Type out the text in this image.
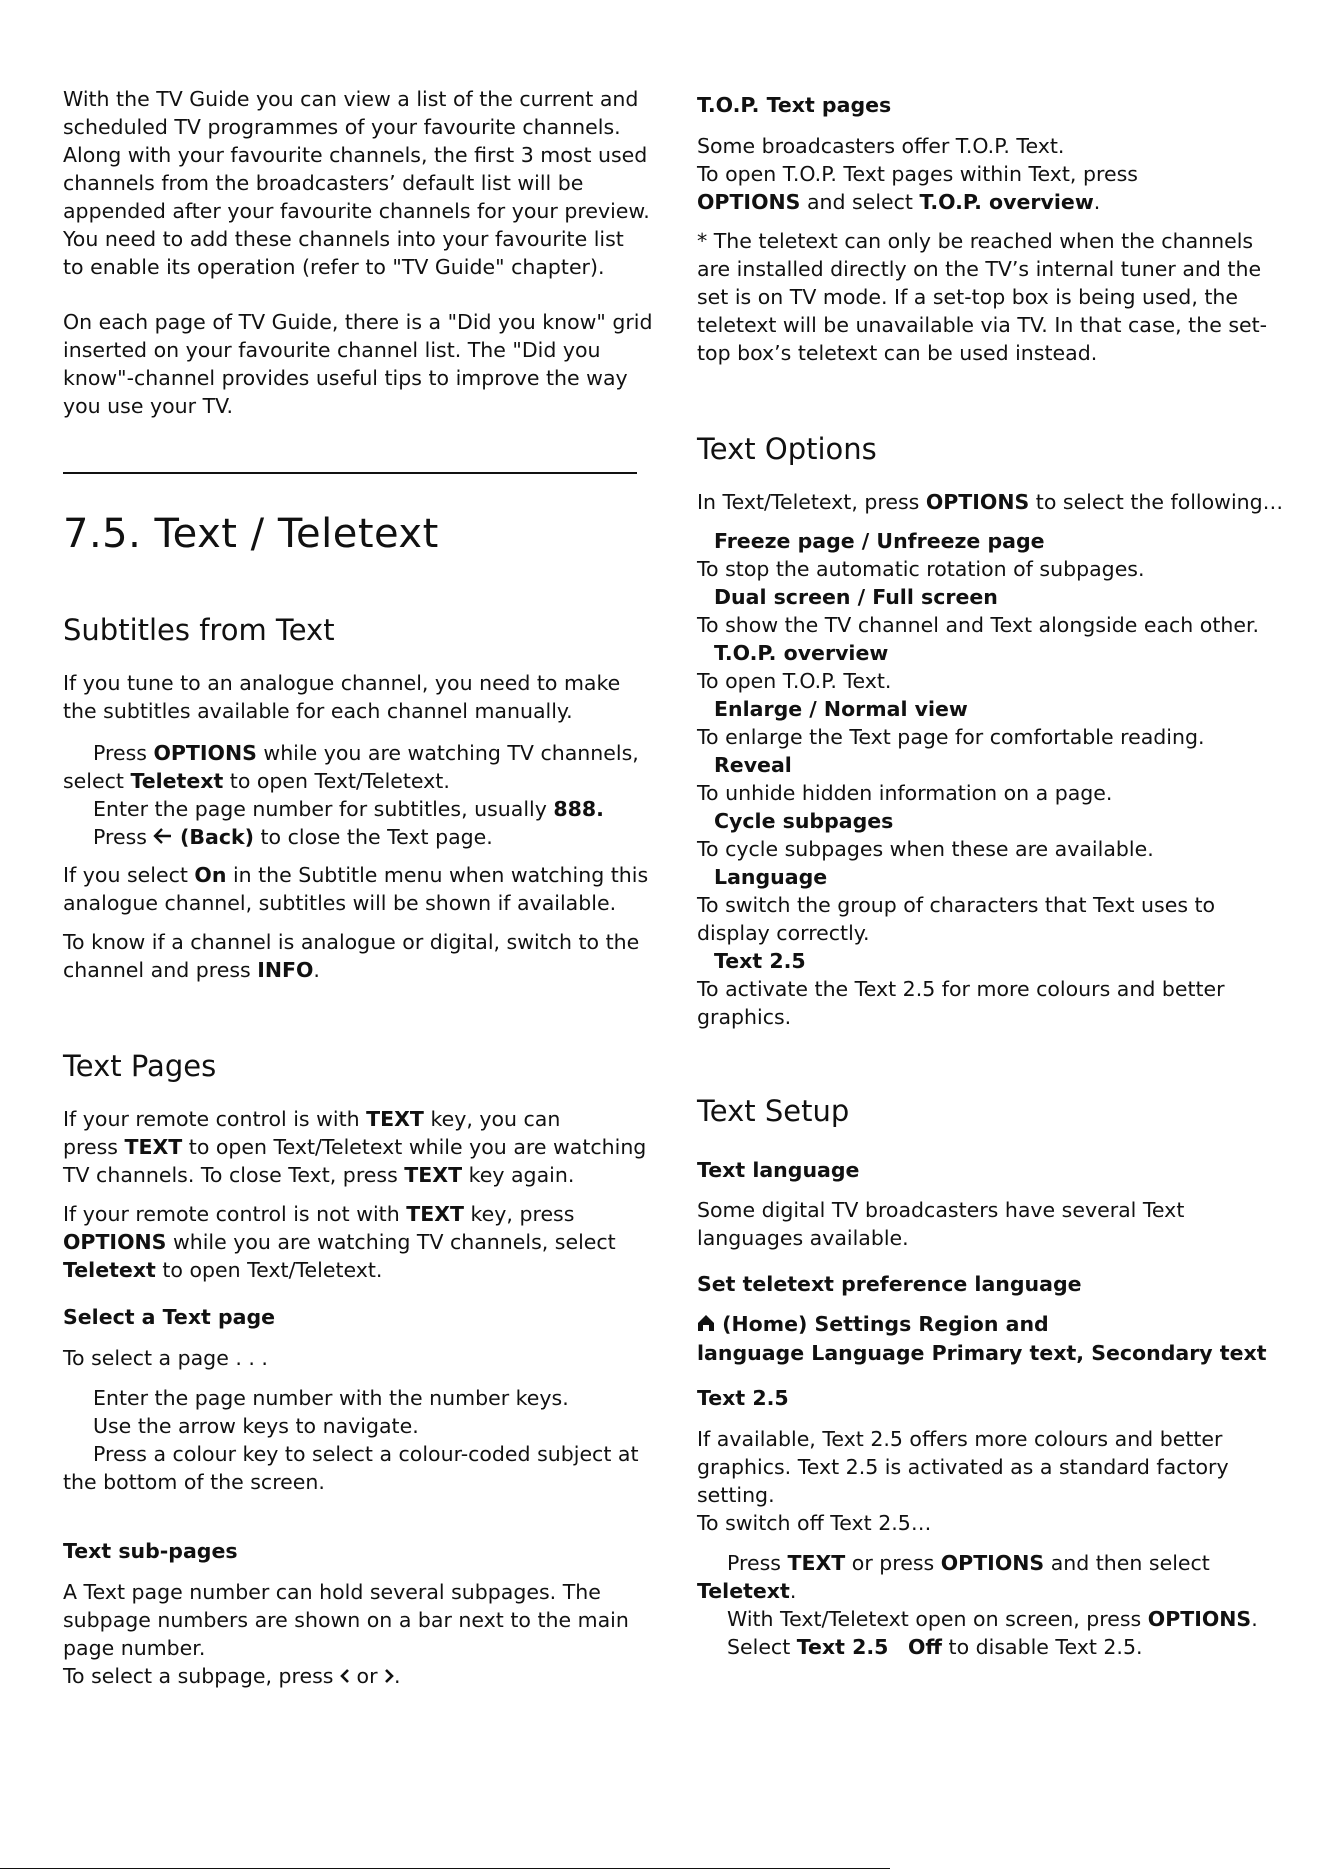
With the TV Guide you can view a list of the current and
scheduled TV programmes of your favourite channels.
Along with your favourite channels, the first 3 most used
channels from the broadcasters’ default list will be
appended after your favourite channels for your preview.
You need to add these channels into your favourite list
to enable its operation (refer to "TV Guide" chapter).
On each page of TV Guide, there is a "Did you know" grid
inserted on your favourite channel list. The "Did you
know"-channel provides useful tips to improve the way
you use your TV.
7.5. Text / Teletext
Subtitles from Text
If you tune to an analogue channel, you need to make
the subtitles available for each channel manually.
Press OPTIONS while you are watching TV channels,
select Teletext to open Text/Teletext.
Enter the page number for subtitles, usually 888.
Press  (Back) to close the Text page.
If you select On in the Subtitle menu when watching this
analogue channel, subtitles will be shown if available.
To know if a channel is analogue or digital, switch to the
channel and press INFO.
Text Pages
If your remote control is with TEXT key, you can
press TEXT to open Text/Teletext while you are watching
TV channels. To close Text, press TEXT key again.
If your remote control is not with TEXT key, press
OPTIONS while you are watching TV channels, select
Teletext to open Text/Teletext.
Select a Text page
To select a page . . .
Enter the page number with the number keys.
Use the arrow keys to navigate.
Press a colour key to select a colour-coded subject at
the bottom of the screen.
Text sub-pages
A Text page number can hold several subpages. The
subpage numbers are shown on a bar next to the main
page number.
To select a subpage, press  or .
T.O.P. Text pages
Some broadcasters offer T.O.P. Text.
To open T.O.P. Text pages within Text, press
OPTIONS and select T.O.P. overview.
* The teletext can only be reached when the channels
are installed directly on the TV’s internal tuner and the
set is on TV mode. If a set-top box is being used, the
teletext will be unavailable via TV. In that case, the set-
top box’s teletext can be used instead.
Text Options
In Text/Teletext, press OPTIONS to select the following…
Freeze page / Unfreeze page
To stop the automatic rotation of subpages.
Dual screen / Full screen
To show the TV channel and Text alongside each other.
T.O.P. overview
To open T.O.P. Text.
Enlarge / Normal view
To enlarge the Text page for comfortable reading.
Reveal
To unhide hidden information on a page.
Cycle subpages
To cycle subpages when these are available.
Language
To switch the group of characters that Text uses to
display correctly.
Text 2.5
To activate the Text 2.5 for more colours and better
graphics.
Text Setup
Text language
Some digital TV broadcasters have several Text
languages available.
Set teletext preference language
(Home) Settings Region and
language Language Primary text, Secondary text
Text 2.5
If available, Text 2.5 offers more colours and better
graphics. Text 2.5 is activated as a standard factory
setting.
To switch off Text 2.5…
Press TEXT or press OPTIONS and then select
Teletext.
With Text/Teletext open on screen, press OPTIONS.
Select Text 2.5 Off to disable Text 2.5.
